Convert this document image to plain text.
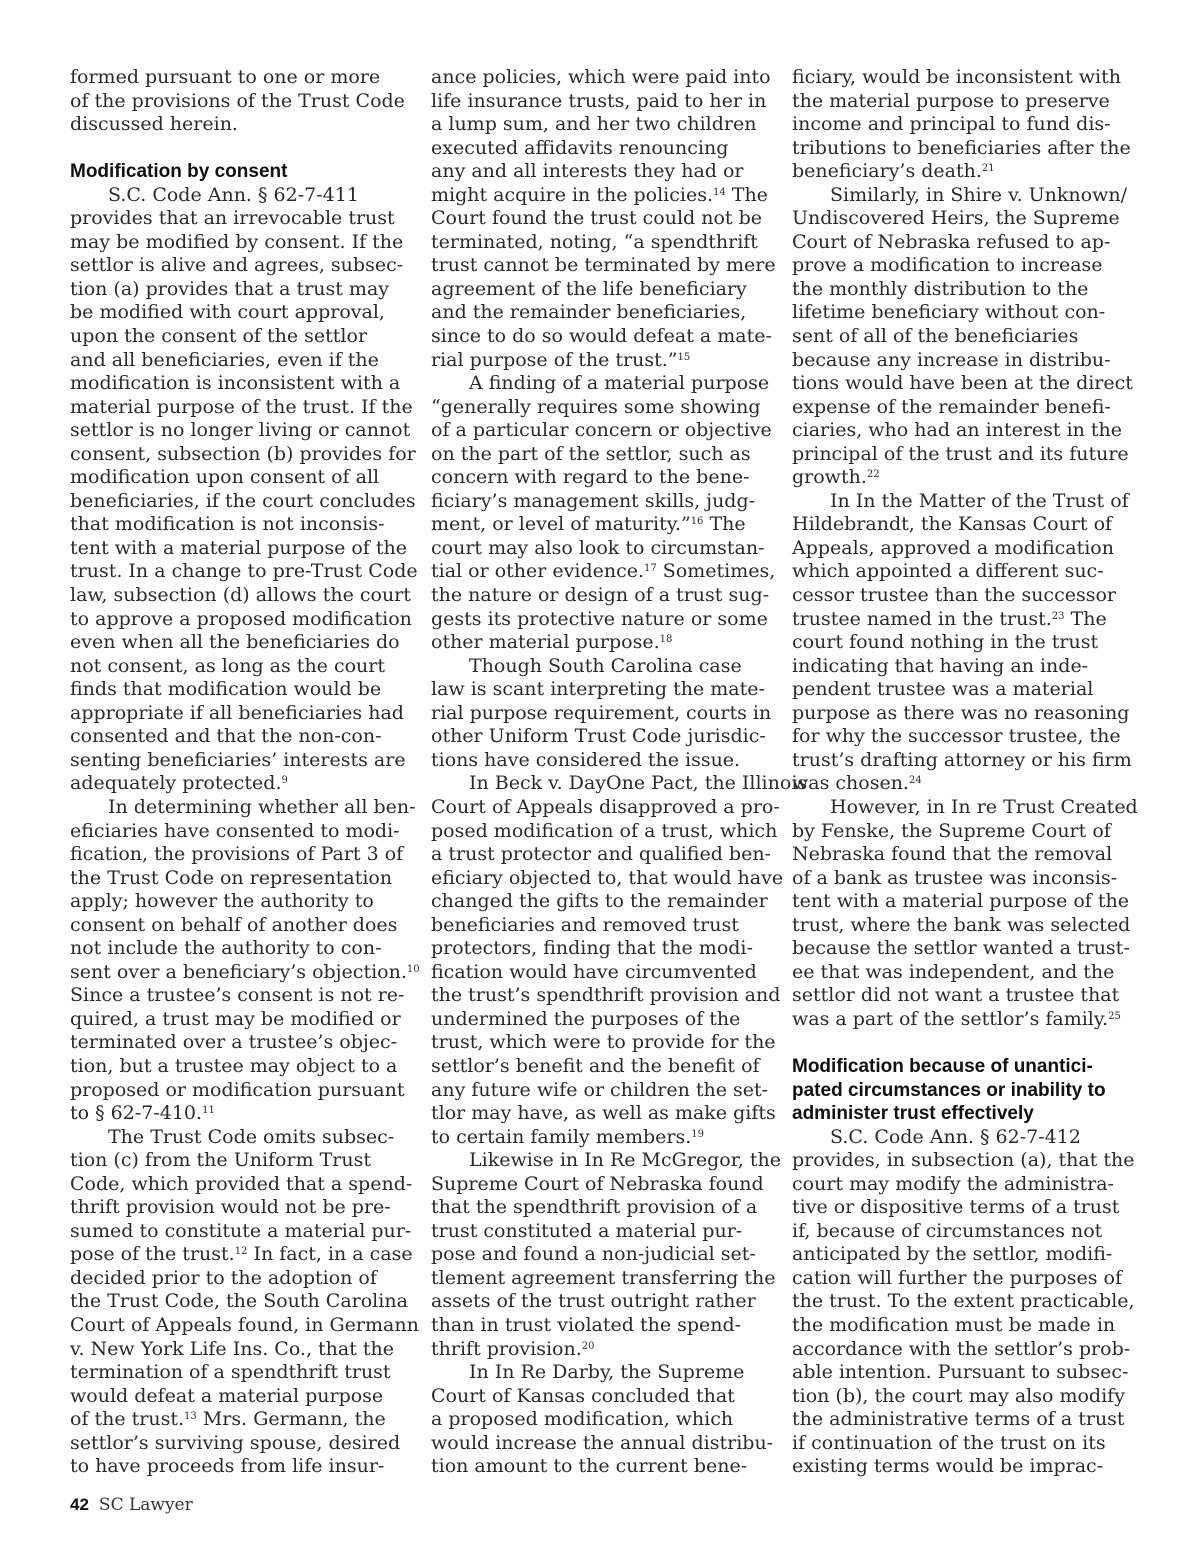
formed pursuant to one or more
of the provisions of the Trust Code
discussed herein.
Modification by consent
S.C. Code Ann. § 62-7-411
provides that an irrevocable trust
may be modified by consent. If the
settlor is alive and agrees, subsec-
tion (a) provides that a trust may
be modified with court approval,
upon the consent of the settlor
and all beneficiaries, even if the
modification is inconsistent with a
material purpose of the trust. If the
settlor is no longer living or cannot
consent, subsection (b) provides for
modification upon consent of all
beneficiaries, if the court concludes
that modification is not inconsis-
tent with a material purpose of the
trust. In a change to pre-Trust Code
law, subsection (d) allows the court
to approve a proposed modification
even when all the beneficiaries do
not consent, as long as the court
finds that modification would be
appropriate if all beneficiaries had
consented and that the non-con-
senting beneficiaries’ interests are
adequately protected.$^9$
In determining whether all ben-
eficiaries have consented to modi-
fication, the provisions of Part 3 of
the Trust Code on representation
apply; however the authority to
consent on behalf of another does
not include the authority to con-
sent over a beneficiary’s objection.$^{10}$
Since a trustee’s consent is not re-
quired, a trust may be modified or
terminated over a trustee’s objec-
tion, but a trustee may object to a
proposed or modification pursuant
to § 62-7-410.11
The Trust Code omits subsec-
tion (c) from the Uniform Trust
Code, which provided that a spend-
thrift provision would not be pre-
sumed to constitute a material pur-
pose of the trust.$^{12}$ In fact, in a case
decided prior to the adoption of
the Trust Code, the South Carolina
Court of Appeals found, in Germann
v. New York Life Ins. Co., that the
termination of a spendthrift trust
would defeat a material purpose
of the trust.$^{13}$ Mrs. Germann, the
settlor’s surviving spouse, desired
to have proceeds from life insur-
ance policies, which were paid into
life insurance trusts, paid to her in
a lump sum, and her two children
executed affidavits renouncing
any and all interests they had or
might acquire in the policies.$^{14}$ The
Court found the trust could not be
terminated, noting, “a spendthrift
trust cannot be terminated by mere
agreement of the life beneficiary
and the remainder beneficiaries,
since to do so would defeat a mate-
rial purpose of the trust.”$^{15}$
A finding of a material purpose
“generally requires some showing
of a particular concern or objective
on the part of the settlor, such as
concern with regard to the bene-
ficiary’s management skills, judg-
ment, or level of maturity.”$^{16}$ The
court may also look to circumstan-
tial or other evidence.$^{17}$ Sometimes,
the nature or design of a trust sug-
gests its protective nature or some
other material purpose.$^{18}$
Though South Carolina case
law is scant interpreting the mate-
rial purpose requirement, courts in
other Uniform Trust Code jurisdic-
tions have considered the issue.
In Beck v. DayOne Pact, the Illinois
Court of Appeals disapproved a pro-
posed modification of a trust, which
a trust protector and qualified ben-
eficiary objected to, that would have
changed the gifts to the remainder
beneficiaries and removed trust
protectors, finding that the modi-
fication would have circumvented
the trust’s spendthrift provision and
undermined the purposes of the
trust, which were to provide for the
settlor’s benefit and the benefit of
any future wife or children the set-
tlor may have, as well as make gifts
to certain family members.$^{19}$
Likewise in In Re McGregor, the
Supreme Court of Nebraska found
that the spendthrift provision of a
trust constituted a material pur-
pose and found a non-judicial set-
tlement agreement transferring the
assets of the trust outright rather
than in trust violated the spend-
thrift provision.$^{20}$
In In Re Darby, the Supreme
Court of Kansas concluded that
a proposed modification, which
would increase the annual distribu-
tion amount to the current bene-
ficiary, would be inconsistent with
the material purpose to preserve
income and principal to fund dis-
tributions to beneficiaries after the
beneficiary’s death.$^{21}$
Similarly, in Shire v. Unknown/
Undiscovered Heirs, the Supreme
Court of Nebraska refused to ap-
prove a modification to increase
the monthly distribution to the
lifetime beneficiary without con-
sent of all of the beneficiaries
because any increase in distribu-
tions would have been at the direct
expense of the remainder benefi-
ciaries, who had an interest in the
principal of the trust and its future
growth.$^{22}$
In In the Matter of the Trust of
Hildebrandt, the Kansas Court of
Appeals, approved a modification
which appointed a different suc-
cessor trustee than the successor
trustee named in the trust.$^{23}$ The
court found nothing in the trust
indicating that having an inde-
pendent trustee was a material
purpose as there was no reasoning
for why the successor trustee, the
trust’s drafting attorney or his firm
was chosen.$^{24}$
However, in In re Trust Created
by Fenske, the Supreme Court of
Nebraska found that the removal
of a bank as trustee was inconsis-
tent with a material purpose of the
trust, where the bank was selected
because the settlor wanted a trust-
ee that was independent, and the
settlor did not want a trustee that
was a part of the settlor’s family.$^{25}$
Modification because of unantici-
pated circumstances or inability to
administer trust effectively
S.C. Code Ann. § 62-7-412
provides, in subsection (a), that the
court may modify the administra-
tive or dispositive terms of a trust
if, because of circumstances not
anticipated by the settlor, modifi-
cation will further the purposes of
the trust. To the extent practicable,
the modification must be made in
accordance with the settlor’s prob-
able intention. Pursuant to subsec-
tion (b), the court may also modify
the administrative terms of a trust
if continuation of the trust on its
existing terms would be imprac-
42 SC Lawyer
